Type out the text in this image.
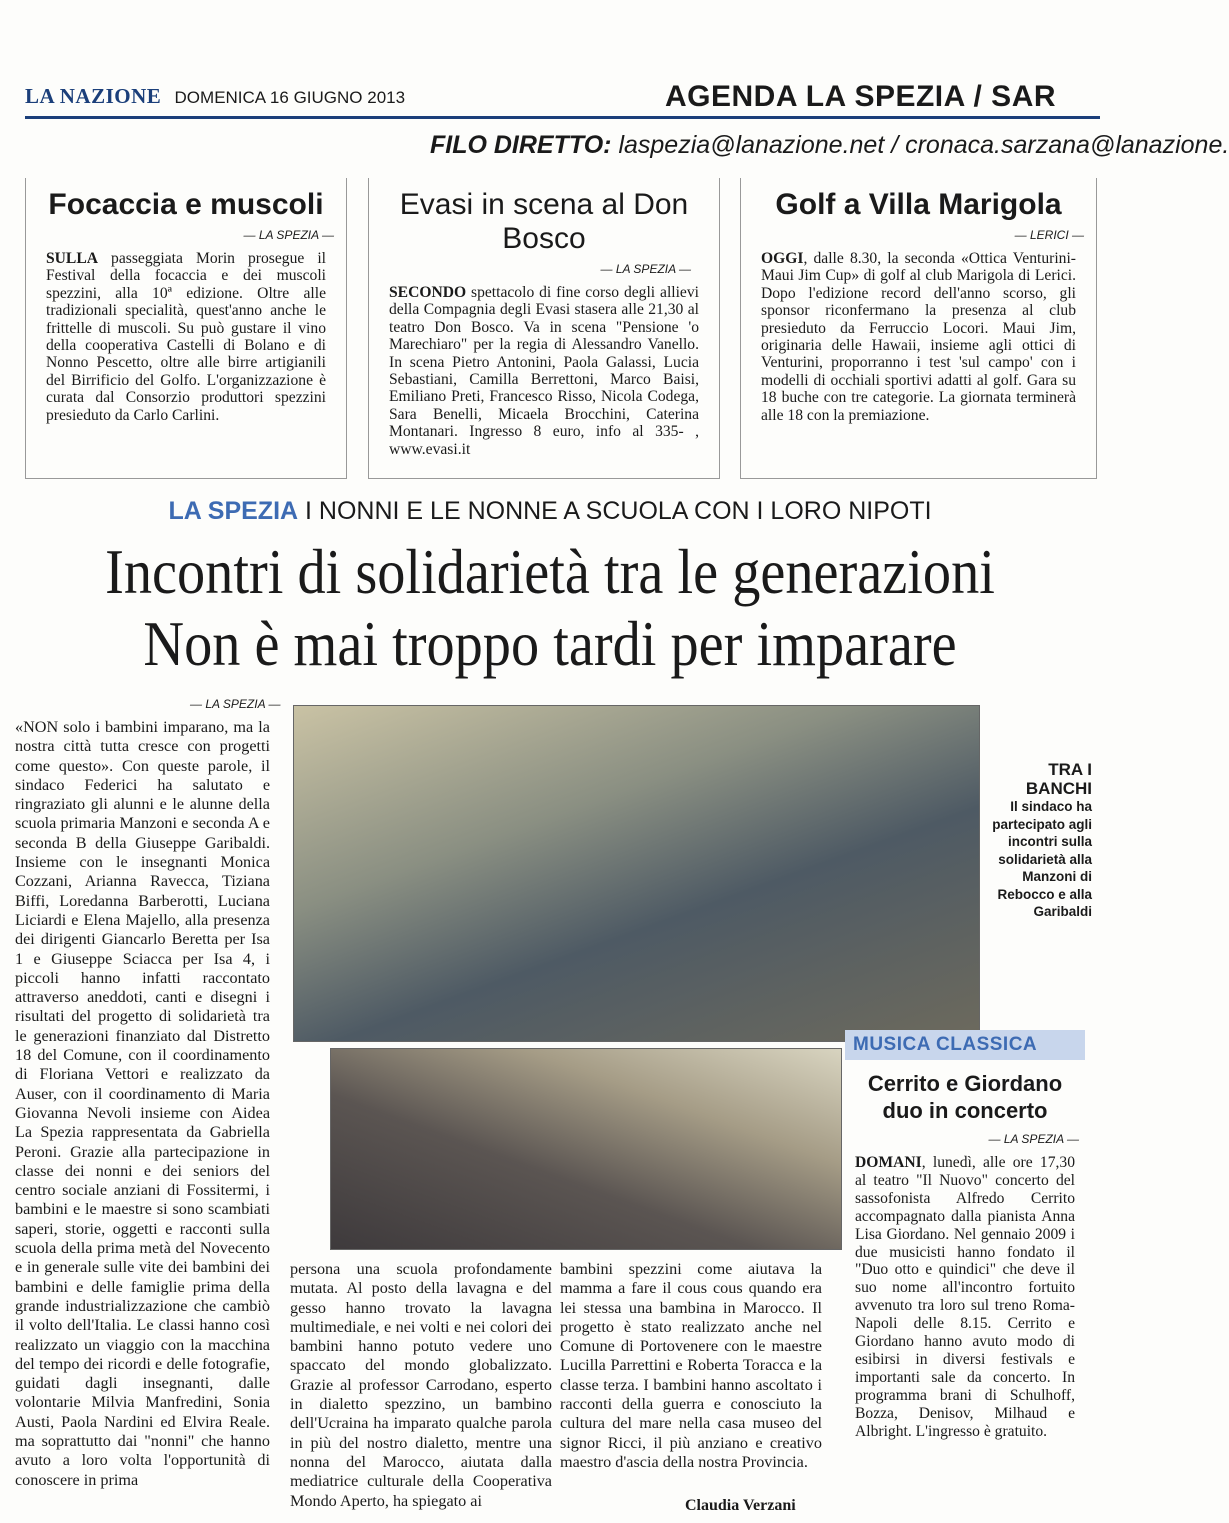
LA NAZIONE DOMENICA 16 GIUGNO 2013	AGENDA LA SPEZIA / SAR
FILO DIRETTO: laspezia@lanazione.net / cronaca.sarzana@lanazione.
Focaccia e muscoli
— LA SPEZIA —
SULLA passeggiata Morin prosegue il Festival della focaccia e dei muscoli spezzini, alla 10ª edizione. Oltre alle tradizionali specialità, quest'anno anche le frittelle di muscoli. Su può gustare il vino della cooperativa Castelli di Bolano e di Nonno Pescetto, oltre alle birre artigianili del Birrificio del Golfo. L'organizzazione è curata dal Consorzio produttori spezzini presieduto da Carlo Carlini.
Evasi in scena al Don Bosco
— LA SPEZIA —
SECONDO spettacolo di fine corso degli allievi della Compagnia degli Evasi stasera alle 21,30 al teatro Don Bosco. Va in scena "Pensione 'o Marechiaro" per la regia di Alessandro Vanello. In scena Pietro Antonini, Paola Galassi, Lucia Sebastiani, Camilla Berrettoni, Marco Baisi, Emiliano Preti, Francesco Risso, Nicola Codega, Sara Benelli, Micaela Brocchini, Caterina Montanari. Ingresso 8 euro, info al 335- , www.evasi.it
Golf a Villa Marigola
— LERICI —
OGGI, dalle 8.30, la seconda «Ottica Venturini-Maui Jim Cup» di golf al club Marigola di Lerici. Dopo l'edizione record dell'anno scorso, gli sponsor riconfermano la presenza al club presieduto da Ferruccio Locori. Maui Jim, originaria delle Hawaii, insieme agli ottici di Venturini, proporranno i test 'sul campo' con i modelli di occhiali sportivi adatti al golf. Gara su 18 buche con tre categorie. La giornata terminerà alle 18 con la premiazione.
LA SPEZIA I NONNI E LE NONNE A SCUOLA CON I LORO NIPOTI
Incontri di solidarietà tra le generazioni
Non è mai troppo tardi per imparare
— LA SPEZIA —
TRA I BANCHI
Il sindaco ha partecipato agli incontri sulla solidarietà alla Manzoni di Rebocco e alla Garibaldi
«NON solo i bambini imparano, ma la nostra città tutta cresce con progetti come questo». Con queste parole, il sindaco Federici ha salutato e ringraziato gli alunni e le alunne della scuola primaria Manzoni e seconda A e seconda B della Giuseppe Garibaldi. Insieme con le insegnanti Monica Cozzani, Arianna Ravecca, Tiziana Biffi, Loredanna Barberotti, Luciana Liciardi e Elena Majello, alla presenza dei dirigenti Giancarlo Beretta per Isa 1 e Giuseppe Sciacca per Isa 4, i piccoli hanno infatti raccontato attraverso aneddoti, canti e disegni i risultati del progetto di solidarietà tra le generazioni finanziato dal Distretto 18 del Comune, con il coordinamento di Floriana Vettori e realizzato da Auser, con il coordinamento di Maria Giovanna Nevoli insieme con Aidea La Spezia rappresentata da Gabriella Peroni. Grazie alla partecipazione in classe dei nonni e dei seniors del centro sociale anziani di Fossitermi, i bambini e le maestre si sono scambiati saperi, storie, oggetti e racconti sulla scuola della prima metà del Novecento e in generale sulle vite dei bambini dei bambini e delle famiglie prima della grande industrializzazione che cambiò il volto dell'Italia. Le classi hanno così realizzato un viaggio con la macchina del tempo dei ricordi e delle fotografie, guidati dagli insegnanti, dalle volontarie Milvia Manfredini, Sonia Austi, Paola Nardini ed Elvira Reale. ma soprattutto dai "nonni" che hanno avuto a loro volta l'opportunità di conoscere in prima
persona una scuola profondamente mutata. Al posto della lavagna e del gesso hanno trovato la lavagna multimediale, e nei volti e nei colori dei bambini hanno potuto vedere uno spaccato del mondo globalizzato. Grazie al professor Carrodano, esperto in dialetto spezzino, un bambino dell'Ucraina ha imparato qualche parola in più del nostro dialetto, mentre una nonna del Marocco, aiutata dalla mediatrice culturale della Cooperativa Mondo Aperto, ha spiegato ai
bambini spezzini come aiutava la mamma a fare il cous cous quando era lei stessa una bambina in Marocco. Il progetto è stato realizzato anche nel Comune di Portovenere con le maestre Lucilla Parrettini e Roberta Toracca e la classe terza. I bambini hanno ascoltato i racconti della guerra e conosciuto la cultura del mare nella casa museo del signor Ricci, il più anziano e creativo maestro d'ascia della nostra Provincia.
Claudia Verzani
MUSICA CLASSICA
Cerrito e Giordano duo in concerto
— LA SPEZIA —
DOMANI, lunedì, alle ore 17,30 al teatro "Il Nuovo" concerto del sassofonista Alfredo Cerrito accompagnato dalla pianista Anna Lisa Giordano. Nel gennaio 2009 i due musicisti hanno fondato il "Duo otto e quindici" che deve il suo nome all'incontro fortuito avvenuto tra loro sul treno Roma-Napoli delle 8.15. Cerrito e Giordano hanno avuto modo di esibirsi in diversi festivals e importanti sale da concerto. In programma brani di Schulhoff, Bozza, Denisov, Milhaud e Albright. L'ingresso è gratuito.
